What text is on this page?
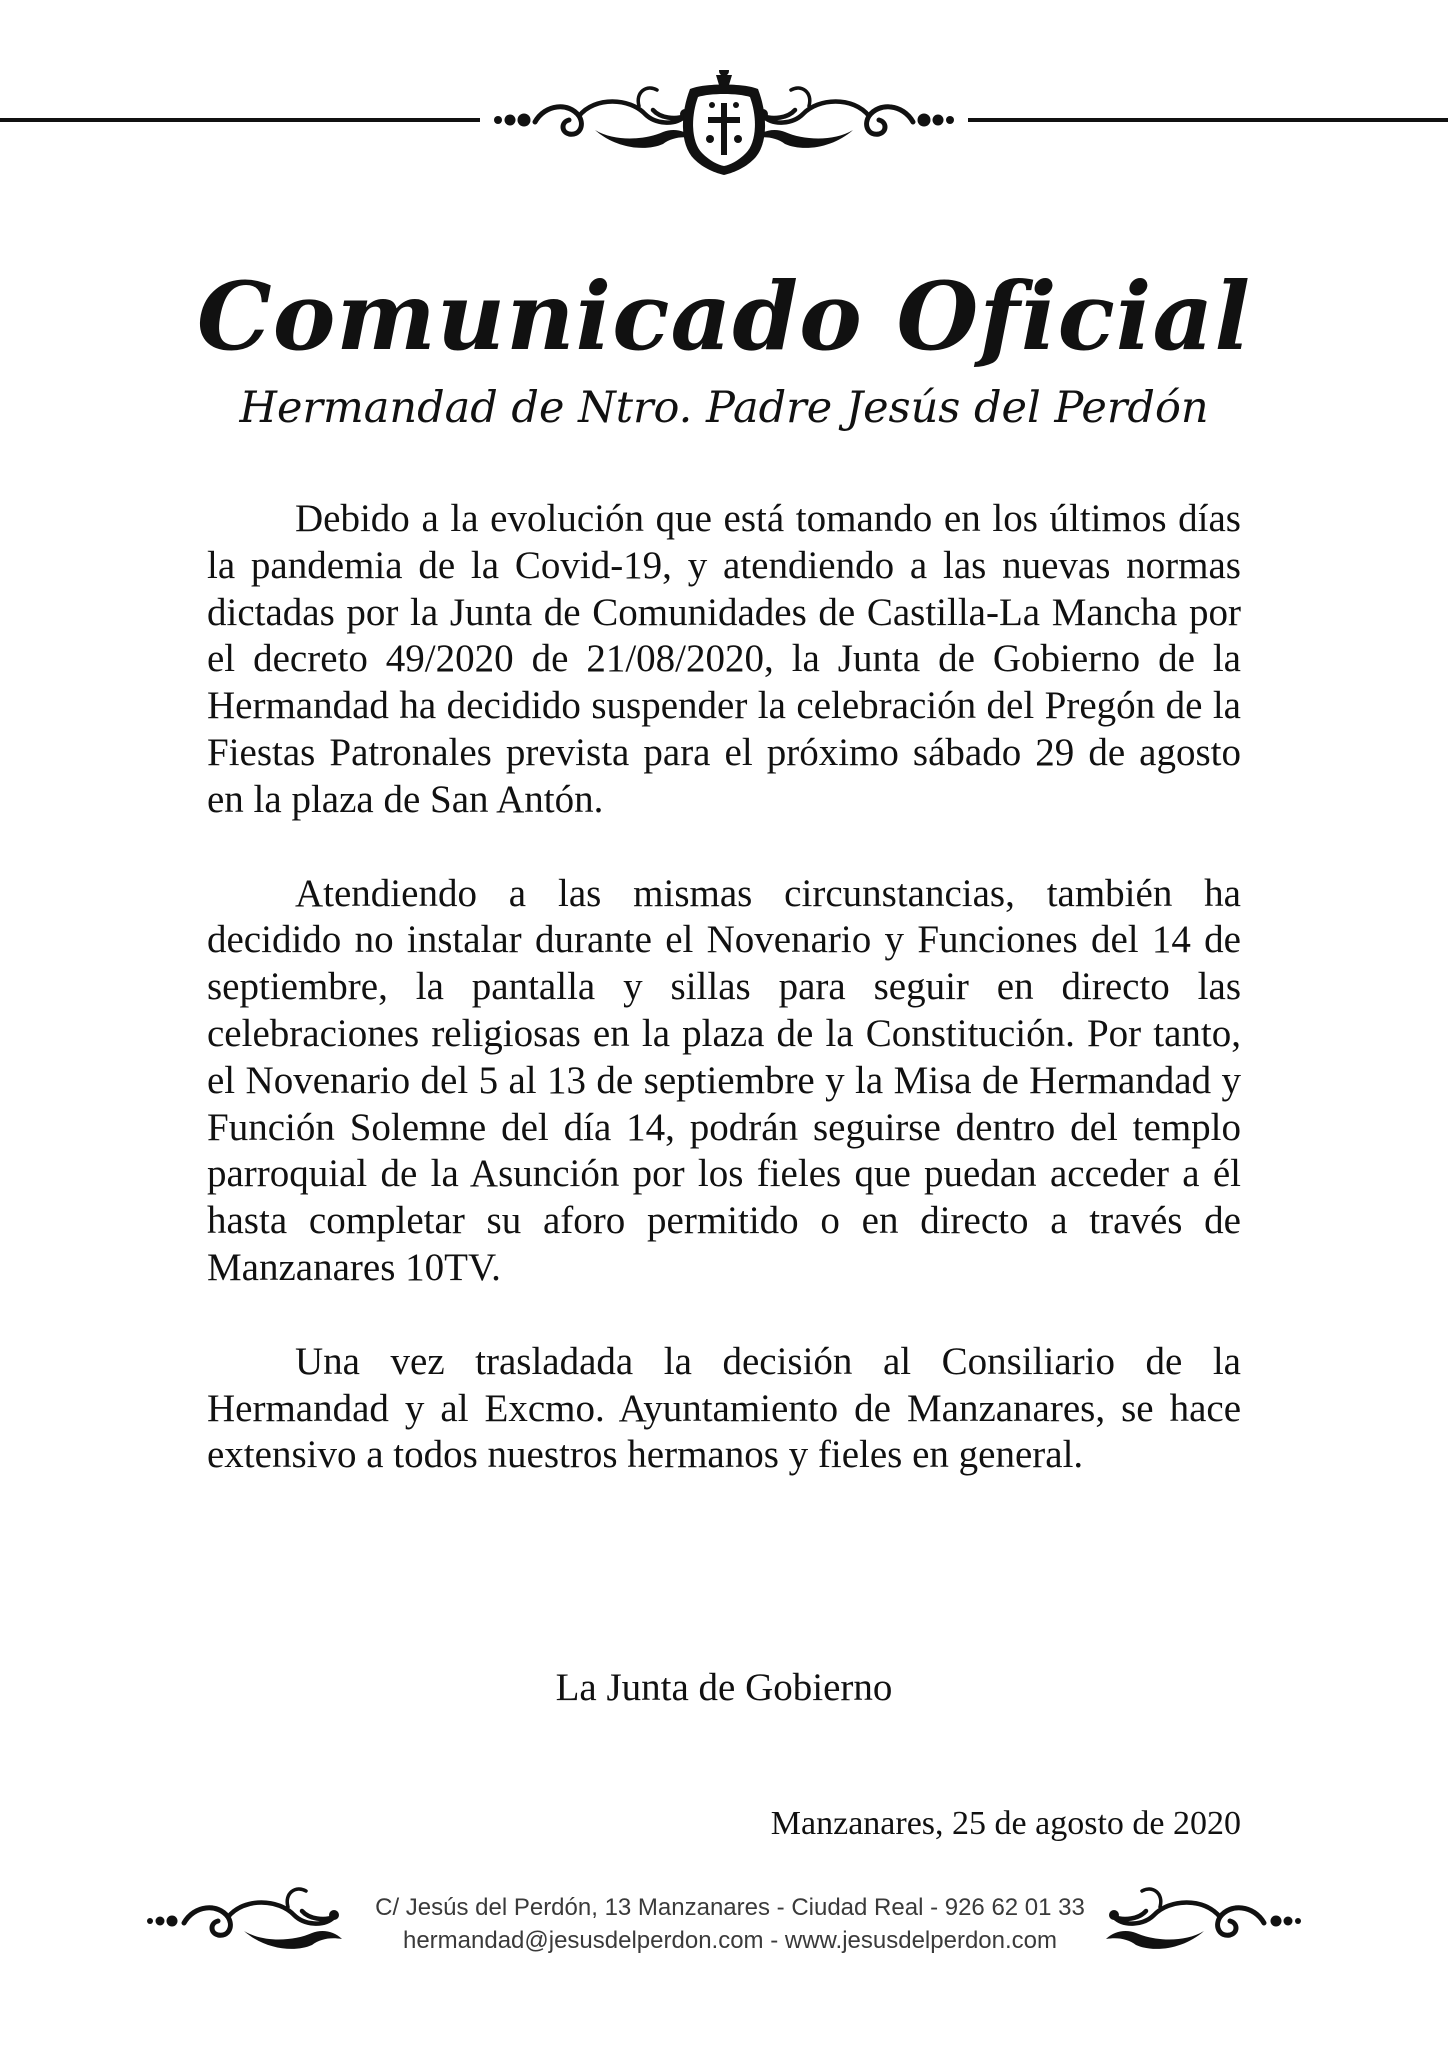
Comunicado Oficial
Hermandad de Ntro. Padre Jesús del Perdón

Debido a la evolución que está tomando en los últimos días la pandemia de la Covid-19, y atendiendo a las nuevas normas dictadas por la Junta de Comunidades de Castilla-La Mancha por el decreto 49/2020 de 21/08/2020, la Junta de Gobierno de la Hermandad ha decidido suspender la celebración del Pregón de la Fiestas Patronales prevista para el próximo sábado 29 de agosto en la plaza de San Antón.

Atendiendo a las mismas circunstancias, también ha decidido no instalar durante el Novenario y Funciones del 14 de septiembre, la pantalla y sillas para seguir en directo las celebraciones religiosas en la plaza de la Constitución. Por tanto, el Novenario del 5 al 13 de septiembre y la Misa de Hermandad y Función Solemne del día 14, podrán seguirse dentro del templo parroquial de la Asunción por los fieles que puedan acceder a él hasta completar su aforo permitido o en directo a través de Manzanares 10TV.

Una vez trasladada la decisión al Consiliario de la Hermandad y al Excmo. Ayuntamiento de Manzanares, se hace extensivo a todos nuestros hermanos y fieles en general.

La Junta de Gobierno
Manzanares, 25 de agosto de 2020
C/ Jesús del Perdón, 13 Manzanares - Ciudad Real - 926 62 01 33
hermandad@jesusdelperdon.com - www.jesusdelperdon.com
